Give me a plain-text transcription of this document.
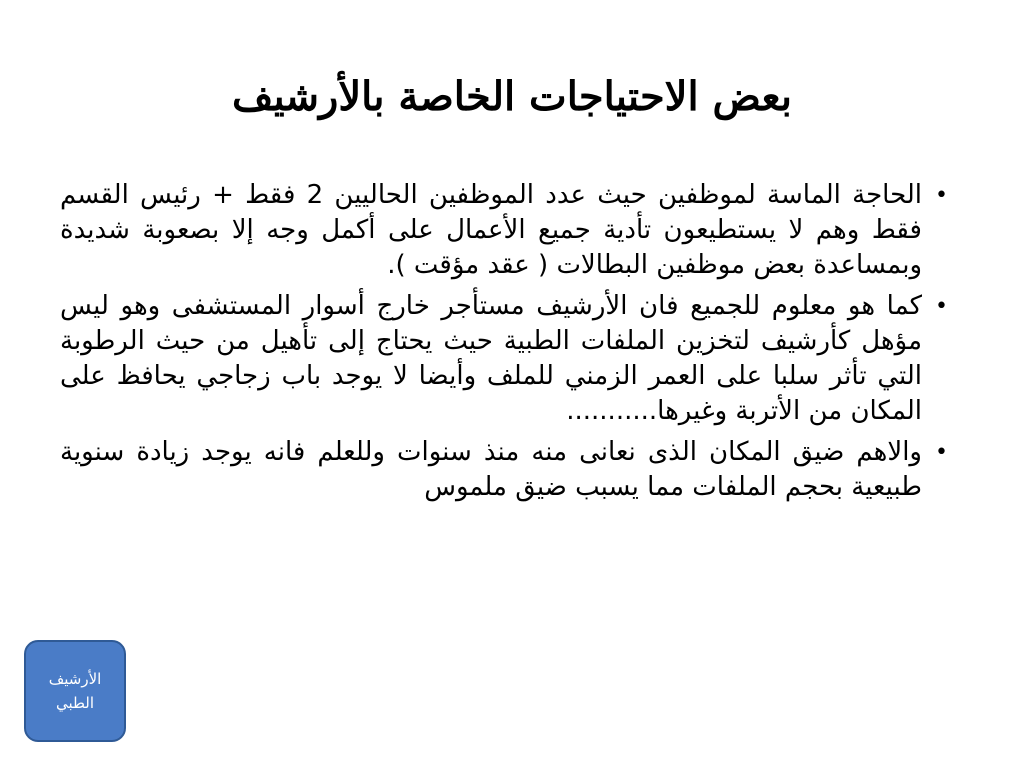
بعض الاحتياجات الخاصة بالأرشيف
•
الحاجة الماسة لموظفين حيث عدد الموظفين الحاليين 2 فقط + رئيس القسم فقط وهم لا يستطيعون تأدية جميع الأعمال على أكمل وجه إلا بصعوبة شديدة وبمساعدة بعض موظفين البطالات ( عقد مؤقت ).
•
كما هو معلوم للجميع فان الأرشيف مستأجر خارج أسوار المستشفى وهو ليس مؤهل كأرشيف لتخزين الملفات الطبية حيث يحتاج إلى تأهيل من حيث الرطوبة التي تأثر سلبا على العمر الزمني للملف وأيضا لا يوجد باب زجاجي يحافظ على المكان من الأتربة وغيرها...........
•
والاهم ضيق المكان الذى نعانى منه منذ سنوات وللعلم فانه يوجد زيادة سنوية طبيعية بحجم الملفات مما يسبب ضيق ملموس
الأرشيف
الطبي
